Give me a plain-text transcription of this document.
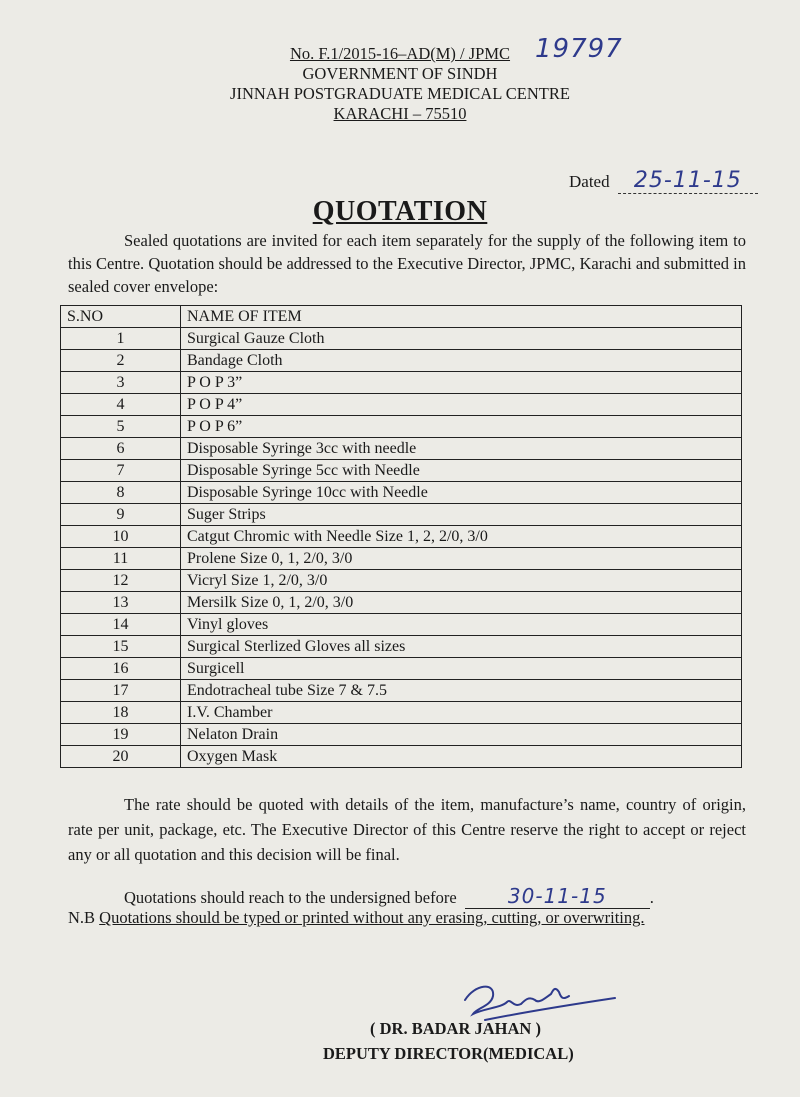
No. F.1/2015-16–AD(M) / JPMC
GOVERNMENT OF SINDH
JINNAH POSTGRADUATE MEDICAL CENTRE
KARACHI – 75510
19797
Dated 25-11-15
QUOTATION

Sealed quotations are invited for each item separately for the supply of the following item to this Centre. Quotation should be addressed to the Executive Director, JPMC, Karachi and submitted in sealed cover envelope:

S.NO	NAME OF ITEM
1	Surgical Gauze Cloth
2	Bandage Cloth
3	P O P 3”
4	P O P 4”
5	P O P 6”
6	Disposable Syringe 3cc with needle
7	Disposable Syringe 5cc with Needle
8	Disposable Syringe 10cc with Needle
9	Suger Strips
10	Catgut Chromic with Needle Size 1, 2, 2/0, 3/0
11	Prolene Size 0, 1, 2/0, 3/0
12	Vicryl Size 1, 2/0, 3/0
13	Mersilk Size 0, 1, 2/0, 3/0
14	Vinyl gloves
15	Surgical Sterlized Gloves all sizes
16	Surgicell
17	Endotracheal tube Size 7 & 7.5
18	I.V. Chamber
19	Nelaton Drain
20	Oxygen Mask

The rate should be quoted with details of the item, manufacture’s name, country of origin, rate per unit, package, etc. The Executive Director of this Centre reserve the right to accept or reject any or all quotation and this decision will be final.

Quotations should reach to the undersigned before	30-11-15	.
N.B Quotations should be typed or printed without any erasing, cutting, or overwriting.
( DR. BADAR JAHAN )
DEPUTY DIRECTOR(MEDICAL)
